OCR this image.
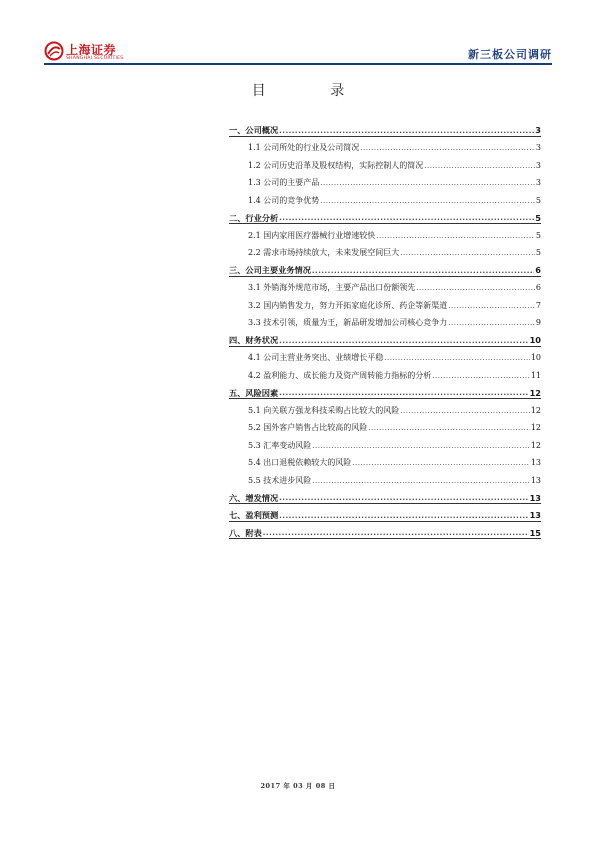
上海证券
SHANGHAI SECURITIES	新三板公司调研
目 录
一、公司概况 .....	3
1.1 公司所处的行业及公司简况 .....	3
1.2 公司历史沿革及股权结构，实际控制人的简况 .....	3
1.3 公司的主要产品 .....	3
1.4 公司的竞争优势 .....	5
二、行业分析 .....	5
2.1 国内家用医疗器械行业增速较快 .....	5
2.2 需求市场持续放大，未来发展空间巨大 .....	5
三、公司主要业务情况 .....	6
3.1 外销海外规范市场，主要产品出口份额领先 .....	6
3.2 国内销售发力，努力开拓家庭化诊所、药企等新渠道 .....	7
3.3 技术引领，质量为王，新品研发增加公司核心竞争力 .....	9
四、财务状况 .....	10
4.1 公司主营业务突出、业绩增长平稳 .....	10
4.2 盈利能力、成长能力及资产周转能力指标的分析 .....	11
五、风险因素 .....	12
5.1 向关联方强龙科技采购占比较大的风险 .....	12
5.2 国外客户销售占比较高的风险 .....	12
5.3 汇率变动风险 .....	12
5.4 出口退税依赖较大的风险 .....	13
5.5 技术进步风险 .....	13
六、增发情况 .....	13
七、盈利预测 .....	13
八、附表 .....	15
2017 年 03 月 08 日
